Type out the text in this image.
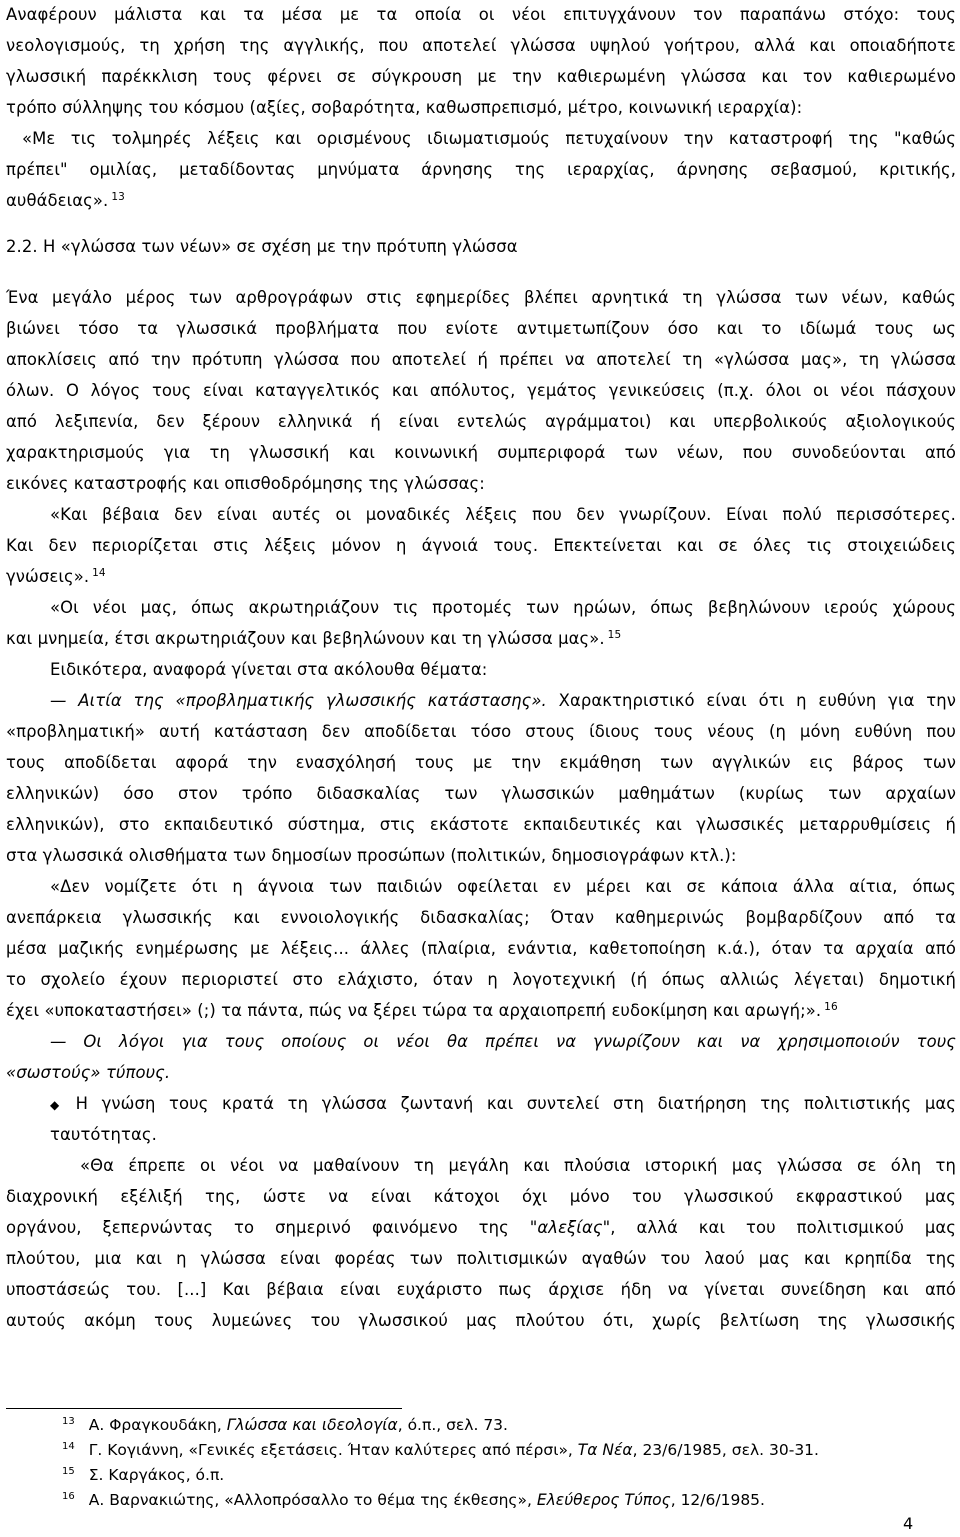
Αναφέρουν μάλιστα και τα μέσα με τα οποία οι νέοι επιτυγχάνουν τον παραπάνω στόχο: τους
νεολογισμούς, τη χρήση της αγγλικής, που αποτελεί γλώσσα υψηλού γοήτρου, αλλά και οποιαδήποτε
γλωσσική παρέκκλιση τους φέρνει σε σύγκρουση με την καθιερωμένη γλώσσα και τον καθιερωμένο
τρόπο σύλληψης του κόσμου (αξίες, σοβαρότητα, καθωσπρεπισμό, μέτρο, κοινωνική ιεραρχία):
«Με τις τολμηρές λέξεις και ορισμένους ιδιωματισμούς πετυχαίνουν την καταστροφή της "καθώς
πρέπει" ομιλίας, μεταδίδοντας μηνύματα άρνησης της ιεραρχίας, άρνησης σεβασμού, κριτικής,
αυθάδειας». $^{13}$
2.2. Η «γλώσσα των νέων» σε σχέση με την πρότυπη γλώσσα
Ένα μεγάλο μέρος των αρθρογράφων στις εφημερίδες βλέπει αρνητικά τη γλώσσα των νέων, καθώς
βιώνει τόσο τα γλωσσικά προβλήματα που ενίοτε αντιμετωπίζουν όσο και το ιδίωμά τους ως
αποκλίσεις από την πρότυπη γλώσσα που αποτελεί ή πρέπει να αποτελεί τη «γλώσσα μας», τη γλώσσα
όλων. Ο λόγος τους είναι καταγγελτικός και απόλυτος, γεμάτος γενικεύσεις (π.χ. όλοι οι νέοι πάσχουν
από λεξιπενία, δεν ξέρουν ελληνικά ή είναι εντελώς αγράμματοι) και υπερβολικούς αξιολογικούς
χαρακτηρισμούς για τη γλωσσική και κοινωνική συμπεριφορά των νέων, που συνοδεύονται από
εικόνες καταστροφής και οπισθοδρόμησης της γλώσσας:
«Και βέβαια δεν είναι αυτές οι μοναδικές λέξεις που δεν γνωρίζουν. Είναι πολύ περισσότερες.
Και δεν περιορίζεται στις λέξεις μόνον η άγνοιά τους. Επεκτείνεται και σε όλες τις στοιχειώδεις
γνώσεις». $^{14}$
«Οι νέοι μας, όπως ακρωτηριάζουν τις προτομές των ηρώων, όπως βεβηλώνουν ιερούς χώρους
και μνημεία, έτσι ακρωτηριάζουν και βεβηλώνουν και τη γλώσσα μας». $^{15}$
Ειδικότερα, αναφορά γίνεται στα ακόλουθα θέματα:
— Αιτία της «προβληματικής γλωσσικής κατάστασης». Χαρακτηριστικό είναι ότι η ευθύνη για την
«προβληματική» αυτή κατάσταση δεν αποδίδεται τόσο στους ίδιους τους νέους (η μόνη ευθύνη που
τους αποδίδεται αφορά την ενασχόλησή τους με την εκμάθηση των αγγλικών εις βάρος των
ελληνικών) όσο στον τρόπο διδασκαλίας των γλωσσικών μαθημάτων (κυρίως των αρχαίων
ελληνικών), στο εκπαιδευτικό σύστημα, στις εκάστοτε εκπαιδευτικές και γλωσσικές μεταρρυθμίσεις ή
στα γλωσσικά ολισθήματα των δημοσίων προσώπων (πολιτικών, δημοσιογράφων κτλ.):
«Δεν νομίζετε ότι η άγνοια των παιδιών οφείλεται εν μέρει και σε κάποια άλλα αίτια, όπως
ανεπάρκεια γλωσσικής και εννοιολογικής διδασκαλίας; Όταν καθημερινώς βομβαρδίζουν από τα
μέσα μαζικής ενημέρωσης με λέξεις... άλλες (πλαίρια, ενάντια, καθετοποίηση κ.ά.), όταν τα αρχαία από
το σχολείο έχουν περιοριστεί στο ελάχιστο, όταν η λογοτεχνική (ή όπως αλλιώς λέγεται) δημοτική
έχει «υποκαταστήσει» (;) τα πάντα, πώς να ξέρει τώρα τα αρχαιοπρεπή ευδοκίμηση και αρωγή;». $^{16}$
— Οι λόγοι για τους οποίους οι νέοι θα πρέπει να γνωρίζουν και να χρησιμοποιούν τους
«σωστούς» τύπους.
◆ Η γνώση τους κρατά τη γλώσσα ζωντανή και συντελεί στη διατήρηση της πολιτιστικής μας
ταυτότητας.
«Θα έπρεπε οι νέοι να μαθαίνουν τη μεγάλη και πλούσια ιστορική μας γλώσσα σε όλη τη
διαχρονική εξέλιξή της, ώστε να είναι κάτοχοι όχι μόνο του γλωσσικού εκφραστικού μας
οργάνου, ξεπερνώντας το σημερινό φαινόμενο της "αλεξίας", αλλά και του πολιτισμικού μας
πλούτου, μια και η γλώσσα είναι φορέας των πολιτισμικών αγαθών του λαού μας και κρηπίδα της
υποστάσεώς του. [...] Και βέβαια είναι ευχάριστο πως άρχισε ήδη να γίνεται συνείδηση και από
αυτούς ακόμη τους λυμεώνες του γλωσσικού μας πλούτου ότι, χωρίς βελτίωση της γλωσσικής
$^{13}$ Α. Φραγκουδάκη, Γλώσσα και ιδεολογία, ό.π., σελ. 73.
$^{14}$ Γ. Κογιάννη, «Γενικές εξετάσεις. Ήταν καλύτερες από πέρσι», Τα Νέα, 23/6/1985, σελ. 30-31.
$^{15}$ Σ. Καργάκος, ό.π.
$^{16}$ Α. Βαρνακιώτης, «Αλλοπρόσαλλο το θέμα της έκθεσης», Ελεύθερος Τύπος, 12/6/1985.
4
